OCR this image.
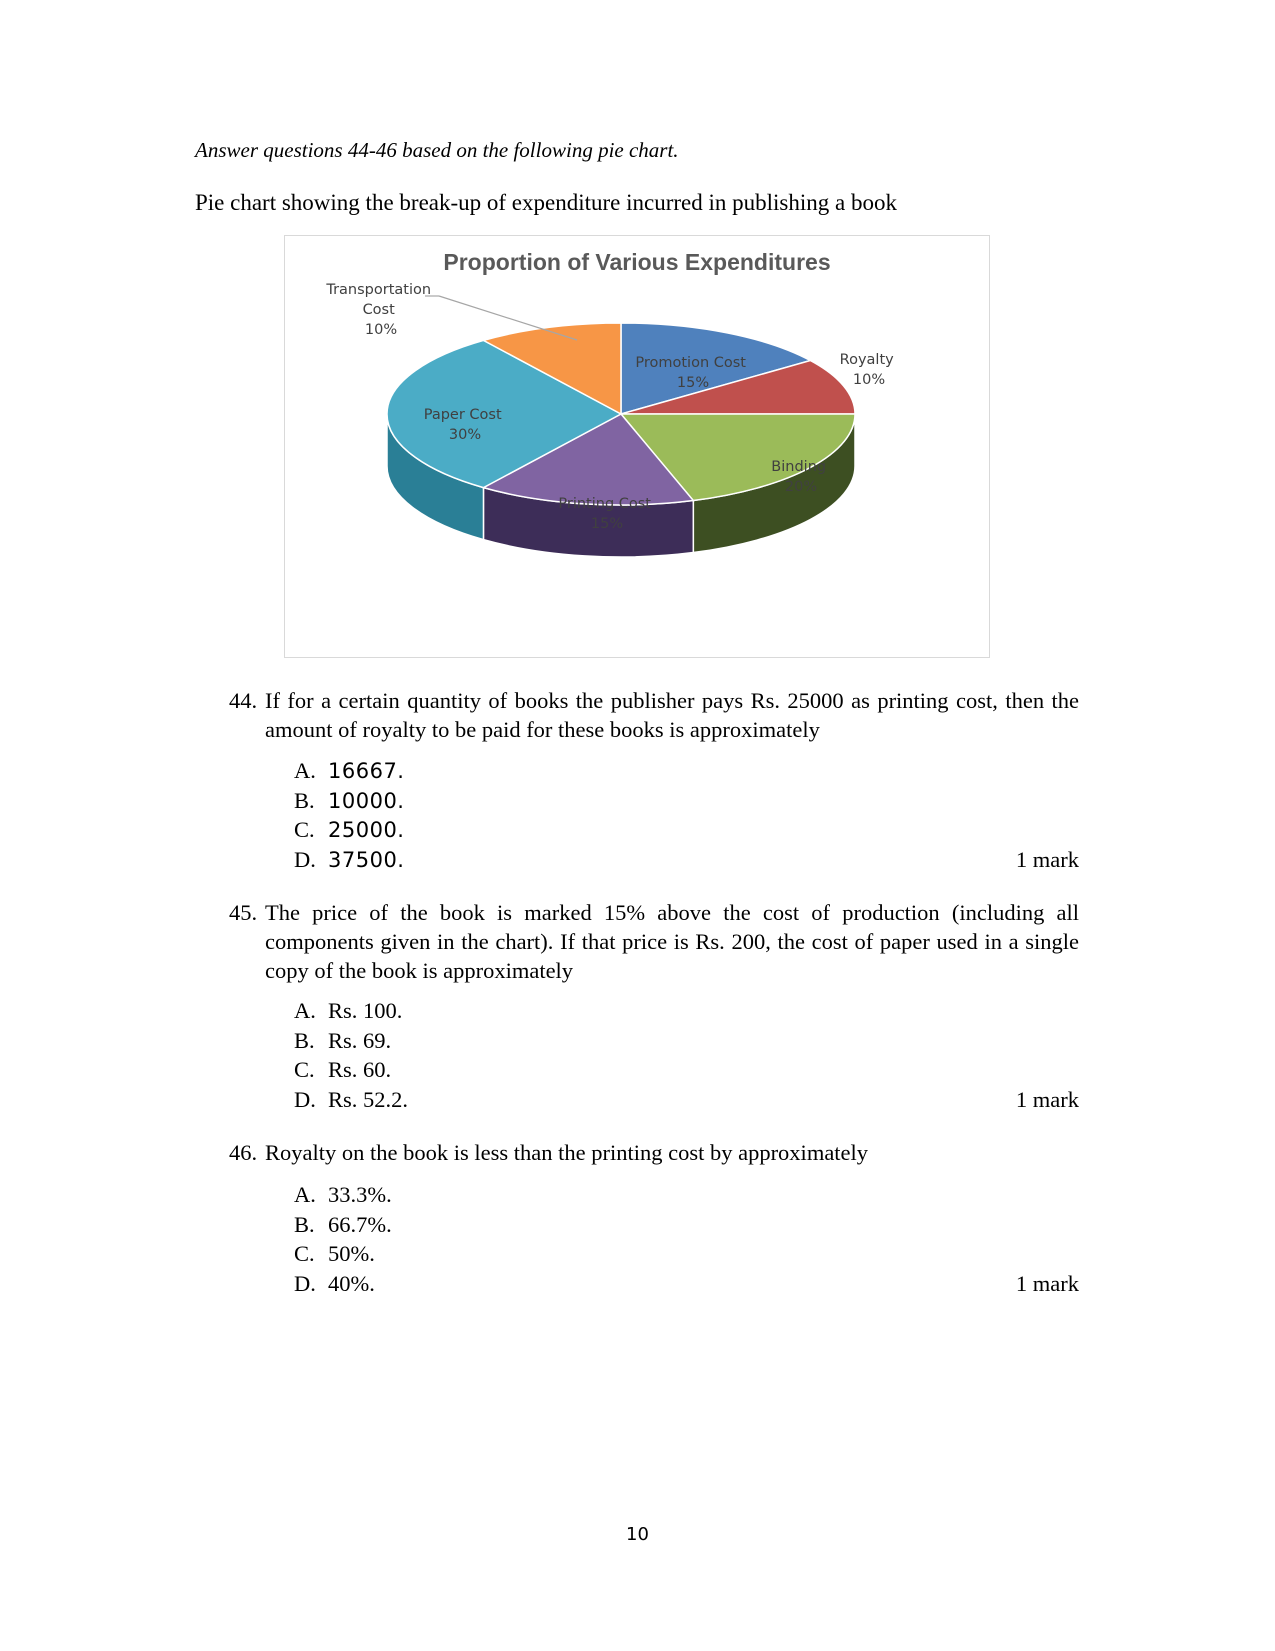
Answer questions 44-46 based on the following pie chart.
Pie chart showing the break-up of expenditure incurred in publishing a book
Proportion of Various Expenditures
Promotion Cost 15%
Royalty 10%
Binding 20%
Printing Cost 15%
Paper Cost 30%
Transportation Cost 10%
44. If for a certain quantity of books the publisher pays Rs. 25000 as printing cost, then the amount of royalty to be paid for these books is approximately
A. 16667.
B. 10000.
C. 25000.
D. 37500.	1 mark
45. The price of the book is marked 15% above the cost of production (including all components given in the chart). If that price is Rs. 200, the cost of paper used in a single copy of the book is approximately
A. Rs. 100.
B. Rs. 69.
C. Rs. 60.
D. Rs. 52.2.	1 mark
46. Royalty on the book is less than the printing cost by approximately
A. 33.3%.
B. 66.7%.
C. 50%.
D. 40%.	1 mark
10
